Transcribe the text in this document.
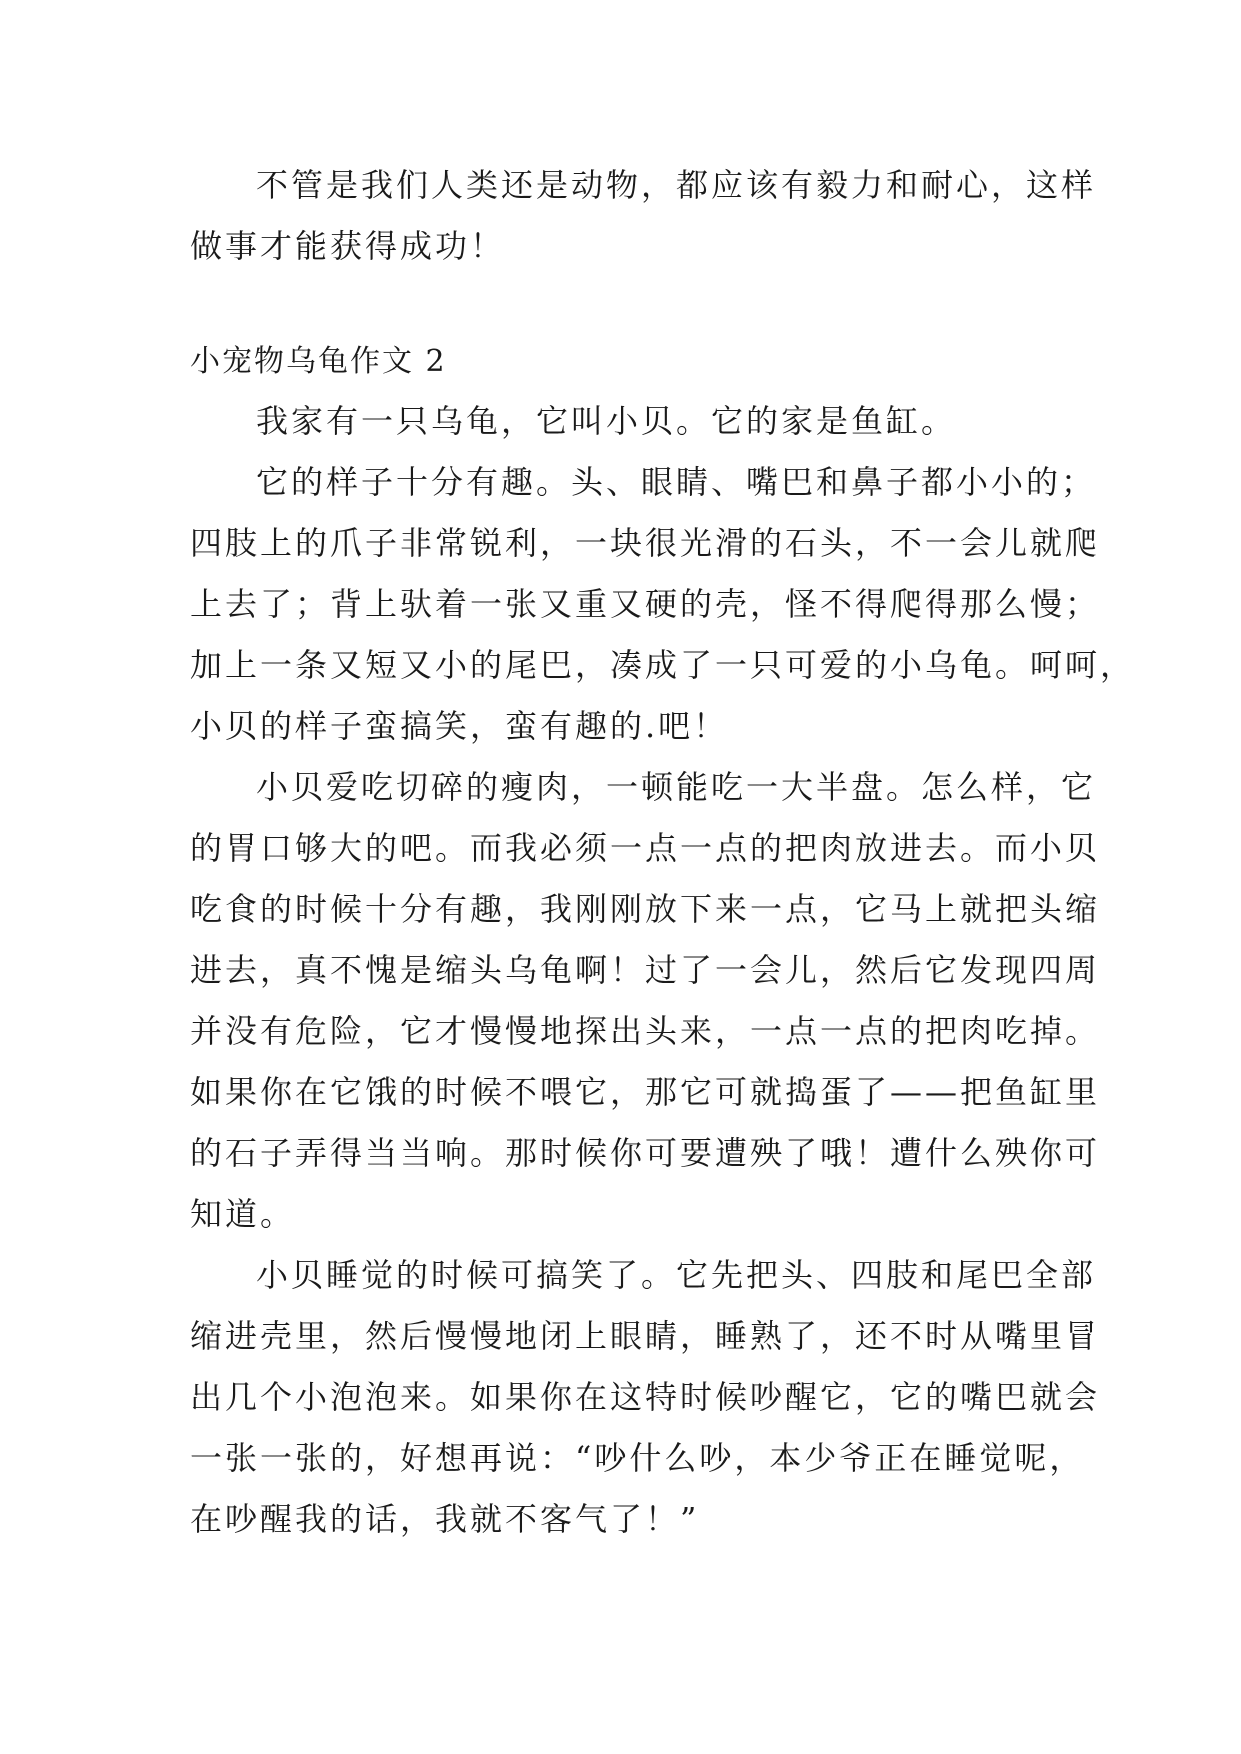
不管是我们人类还是动物，都应该有毅力和耐心，这样
做事才能获得成功！
小宠物乌龟作文 2
我家有一只乌龟，它叫小贝。它的家是鱼缸。
它的样子十分有趣。头、眼睛、嘴巴和鼻子都小小的；
四肢上的爪子非常锐利，一块很光滑的石头，不一会儿就爬
上去了；背上驮着一张又重又硬的壳，怪不得爬得那么慢；
加上一条又短又小的尾巴，凑成了一只可爱的小乌龟。呵呵，
小贝的样子蛮搞笑，蛮有趣的.吧！
小贝爱吃切碎的瘦肉，一顿能吃一大半盘。怎么样，它
的胃口够大的吧。而我必须一点一点的把肉放进去。而小贝
吃食的时候十分有趣，我刚刚放下来一点，它马上就把头缩
进去，真不愧是缩头乌龟啊！过了一会儿，然后它发现四周
并没有危险，它才慢慢地探出头来，一点一点的把肉吃掉。
如果你在它饿的时候不喂它，那它可就捣蛋了——把鱼缸里
的石子弄得当当响。那时候你可要遭殃了哦！遭什么殃你可
知道。
小贝睡觉的时候可搞笑了。它先把头、四肢和尾巴全部
缩进壳里，然后慢慢地闭上眼睛，睡熟了，还不时从嘴里冒
出几个小泡泡来。如果你在这特时候吵醒它，它的嘴巴就会
一张一张的，好想再说：“吵什么吵，本少爷正在睡觉呢，
在吵醒我的话，我就不客气了！”
